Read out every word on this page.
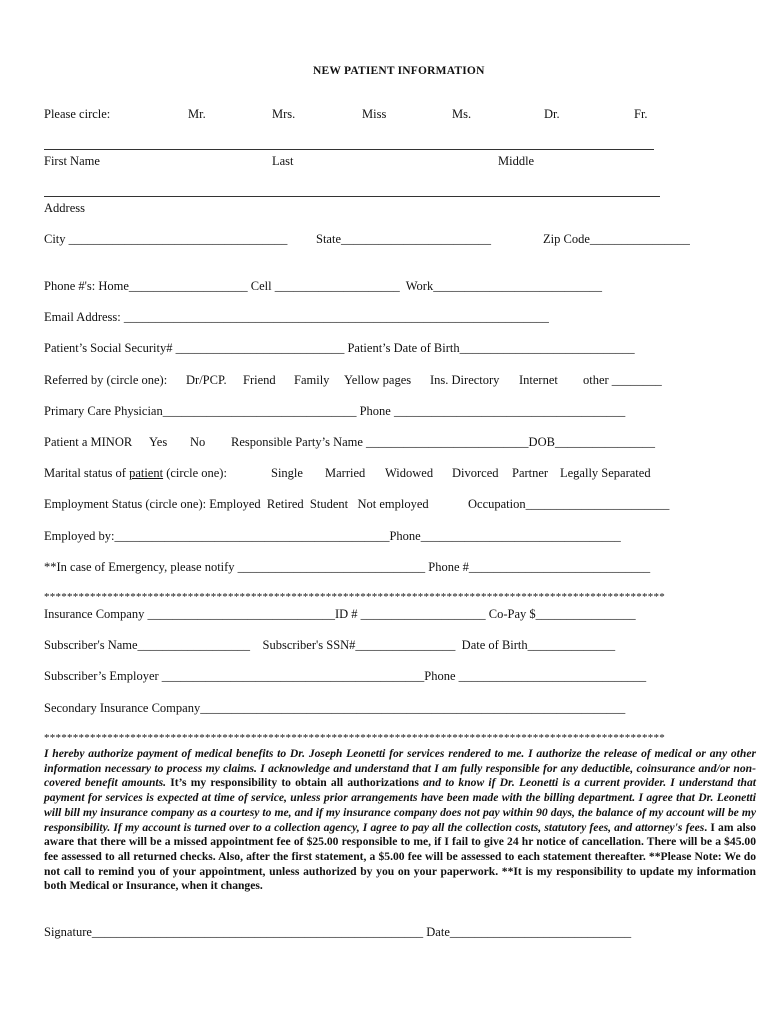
NEW PATIENT INFORMATION
Please circle:	Mr.	Mrs.	Miss	Ms.	Dr.	Fr.
First Name	Last	Middle
Address
City ___________________________________ State________________________	Zip Code________________
Phone #'s: Home___________________ Cell ____________________  Work___________________________
Email Address: ____________________________________________________________________
Patient’s Social Security# ___________________________ Patient’s Date of Birth____________________________
Referred by (circle one): Dr/PCP. Friend Family Yellow pages Ins. Directory Internet other ________
Primary Care Physician_______________________________ Phone _____________________________________
Patient a MINOR Yes No Responsible Party’s Name __________________________DOB________________
Marital status of patient (circle one):	Single Married Widowed Divorced Partner Legally Separated
Employment Status (circle one): Employed  Retired  Student   Not employed	Occupation_______________________
Employed by:____________________________________________Phone________________________________
**In case of Emergency, please notify ______________________________ Phone #_____________________________
************************************************************************************************************
Insurance Company ______________________________ID # ____________________ Co-Pay $________________
Subscriber's Name__________________    Subscriber's SSN#________________  Date of Birth______________
Subscriber’s Employer __________________________________________Phone ______________________________
Secondary Insurance Company____________________________________________________________________
************************************************************************************************************
I hereby authorize payment of medical benefits to Dr. Joseph Leonetti for services rendered to me. I authorize the release of medical or any other information necessary to process my claims. I acknowledge and understand that I am fully responsible for any deductible, coinsurance and/or non-covered benefit amounts. It’s my responsibility to obtain all authorizations and to know if Dr. Leonetti is a current provider. I understand that payment for services is expected at time of service, unless prior arrangements have been made with the billing department. I agree that Dr. Leonetti will bill my insurance company as a courtesy to me, and if my insurance company does not pay within 90 days, the balance of my account will be my responsibility. If my account is turned over to a collection agency, I agree to pay all the collection costs, statutory fees, and attorney's fees. I am also aware that there will be a missed appointment fee of $25.00 responsible to me, if I fail to give 24 hr notice of cancellation. There will be a $45.00 fee assessed to all returned checks. Also, after the first statement, a $5.00 fee will be assessed to each statement thereafter. **Please Note: We do not call to remind you of your appointment, unless authorized by you on your paperwork. **It is my responsibility to update my information both Medical or Insurance, when it changes.
Signature_____________________________________________________ Date_____________________________
